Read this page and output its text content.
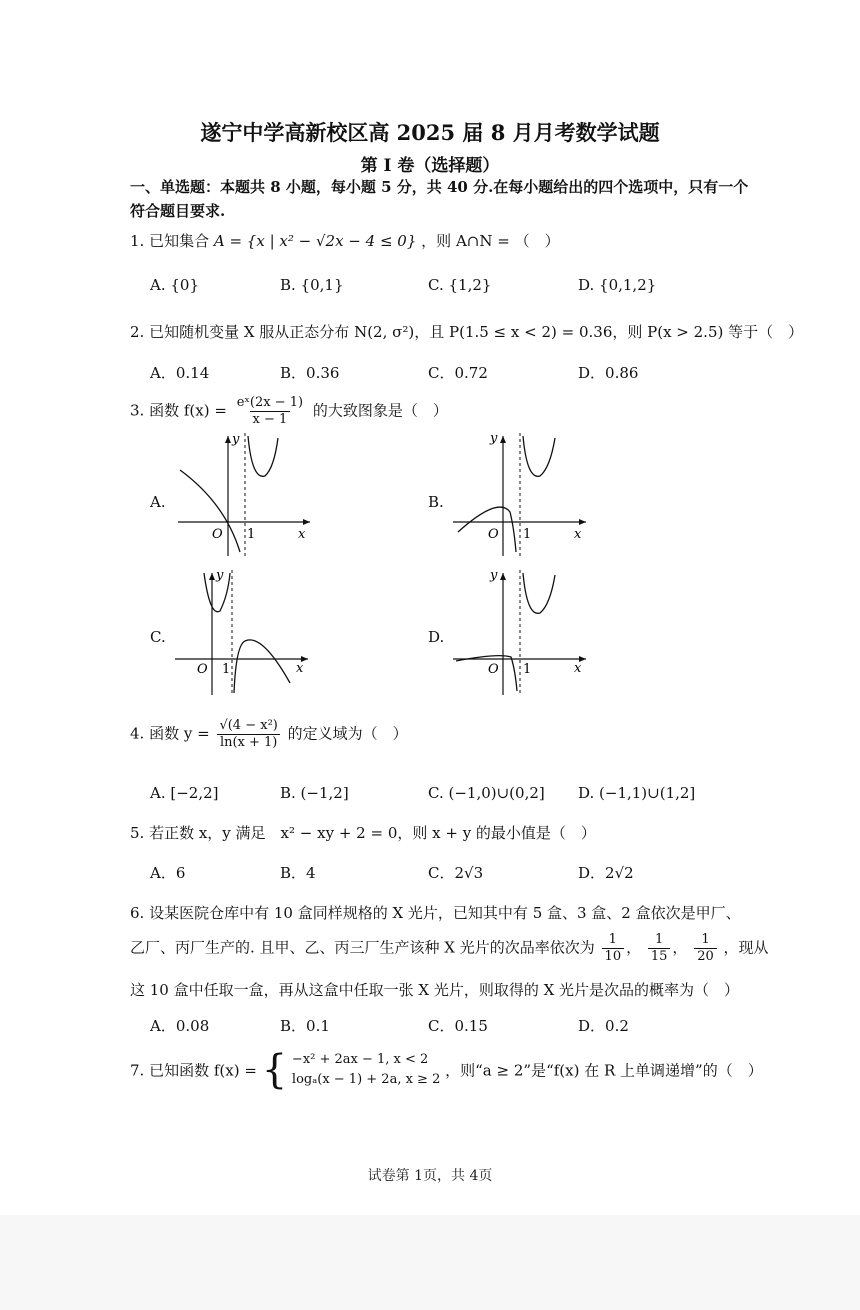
遂宁中学高新校区高 2025 届 8 月月考数学试题
第 I 卷（选择题）
一、单选题：本题共 8 小题，每小题 5 分，共 40 分.在每小题给出的四个选项中，只有一个
符合题目要求.
1. 已知集合 A = {x | x² − √2x − 4 ≤ 0} ，则 A∩N = （　）
A. {0}	B. {0,1}	C. {1,2}	D. {0,1,2}
2. 已知随机变量 X 服从正态分布 N(2, σ²)，且 P(1.5 ≤ x < 2) = 0.36，则 P(x > 2.5) 等于（　）
A．0.14	B．0.36	C．0.72	D．0.86
3. 函数 $f(x) = \frac{\text{eˣ(2x − 1)}}{x - 1}$ 的大致图象是（　）
A.	B.
C.	D.
y
x
O 1
y
x
O 1
y
x
O 1
y
x
O 1
4. 函数 $y = \frac{\text{√(4 − x²)}}{\ln(x + 1)}$ 的定义域为（　）
A. [−2,2]	B. (−1,2]	C. (−1,0)∪(0,2] D. (−1,1)∪(1,2]
5. 若正数 x，y 满足　x² − xy + 2 = 0，则 x + y 的最小值是（　）
A．6	B．4	C．2√3	D．2√2
6. 设某医院仓库中有 10 盒同样规格的 X 光片，已知其中有 5 盒、3 盒、2 盒依次是甲厂、
乙厂、丙厂生产的. 且甲、乙、丙三厂生产该种 X 光片的次品率依次为 $\frac{1}{10}$ ， $\frac{1}{15}$ ， $\frac{1}{20}$ ，现从
这 10 盒中任取一盒，再从这盒中任取一张 X 光片，则取得的 X 光片是次品的概率为（　）
A．0.08	B．0.1	C．0.15	D．0.2
7. 已知函数 f(x) = { −x² + 2ax − 1, x < 2
logₐ(x − 1) + 2a, x ≥ 2 ，则“a ≥ 2”是“f(x) 在 R 上单调递增”的（　）
试卷第 1页，共 4页
